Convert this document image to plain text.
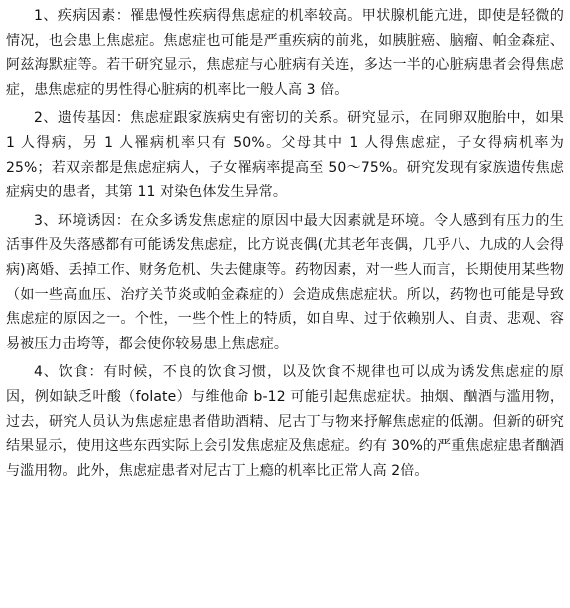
1、疾病因素：罹患慢性疾病得焦虑症的机率较高。甲状腺机能亢进，即使是轻微的情况，也会患上焦虑症。焦虑症也可能是严重疾病的前兆，如胰脏癌、脑瘤、帕金森症、阿兹海默症等。若干研究显示，焦虑症与心脏病有关连，多达一半的心脏病患者会得焦虑症，患焦虑症的男性得心脏病的机率比一般人高 3 倍。

2、遗传基因：焦虑症跟家族病史有密切的关系。研究显示，在同卵双胞胎中，如果 1 人得病，另 1 人罹病机率只有 50%。父母其中 1 人得焦虑症，子女得病机率为 25%；若双亲都是焦虑症病人，子女罹病率提高至 50～75%。研究发现有家族遗传焦虑症病史的患者，其第 11 对染色体发生异常。

3、环境诱因：在众多诱发焦虑症的原因中最大因素就是环境。令人感到有压力的生活事件及失落感都有可能诱发焦虑症，比方说丧偶(尤其老年丧偶，几乎八、九成的人会得病)离婚、丢掉工作、财务危机、失去健康等。药物因素，对一些人而言，长期使用某些物（如一些高血压、治疗关节炎或帕金森症的）会造成焦虑症状。所以，药物也可能是导致焦虑症的原因之一。个性，一些个性上的特质，如自卑、过于依赖别人、自责、悲观、容易被压力击垮等，都会使你较易患上焦虑症。

4、饮食：有时候，不良的饮食习惯，以及饮食不规律也可以成为诱发焦虑症的原因，例如缺乏叶酸（folate）与维他命 b-12 可能引起焦虑症状。抽烟、酗酒与滥用物，过去，研究人员认为焦虑症患者借助酒精、尼古丁与物来抒解焦虑症的低潮。但新的研究结果显示，使用这些东西实际上会引发焦虑症及焦虑症。约有 30%的严重焦虑症患者酗酒与滥用物。此外，焦虑症患者对尼古丁上瘾的机率比正常人高 2倍。
